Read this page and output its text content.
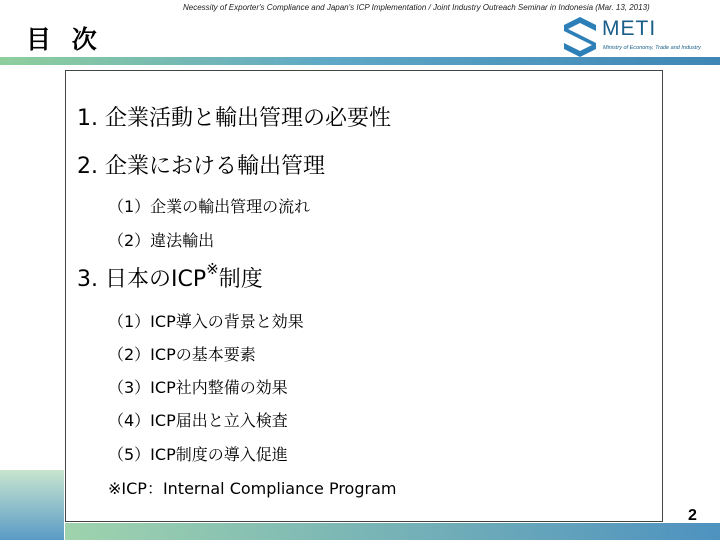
Necessity of Exporter's Compliance and Japan's ICP Implementation / Joint Industry Outreach Seminar in Indonesia (Mar. 13, 2013)
目 次	METI
Ministry of Economy, Trade and Industry
1. 企業活動と輸出管理の必要性
2. 企業における輸出管理
（1）企業の輸出管理の流れ
（2）違法輸出
3. 日本のICP※制度
（1）ICP導入の背景と効果
（2）ICPの基本要素
（3）ICP社内整備の効果
（4）ICP届出と立入検査
（5）ICP制度の導入促進
※ICP：Internal Compliance Program
2
